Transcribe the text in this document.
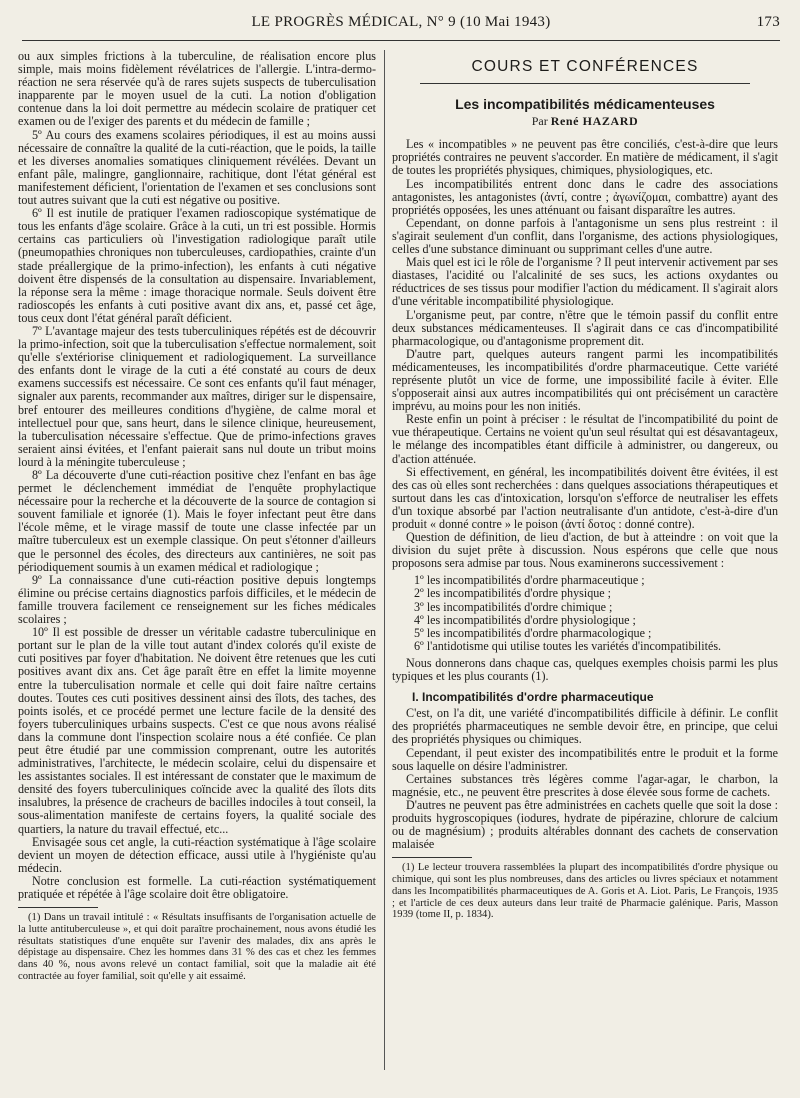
LE PROGRÈS MÉDICAL, N° 9 (10 Mai 1943)	173

ou aux simples frictions à la tuberculine, de réalisation encore plus simple, mais moins fidèlement révélatrices de l'allergie. L'intra-dermo-réaction ne sera réservée qu'à de rares sujets suspects de tuberculisation inapparente par le moyen usuel de la cuti. La notion d'obligation contenue dans la loi doit permettre au médecin scolaire de pratiquer cet examen ou de l'exiger des parents et du médecin de famille ;

5º Au cours des examens scolaires périodiques, il est au moins aussi nécessaire de connaître la qualité de la cuti-réaction, que le poids, la taille et les diverses anomalies somatiques cliniquement révélées. Devant un enfant pâle, malingre, ganglionnaire, rachitique, dont l'état général est manifestement déficient, l'orientation de l'examen et ses conclusions sont tout autres suivant que la cuti est négative ou positive.

6º Il est inutile de pratiquer l'examen radioscopique systématique de tous les enfants d'âge scolaire. Grâce à la cuti, un tri est possible. Hormis certains cas particuliers où l'investigation radiologique paraît utile (pneumopathies chroniques non tuberculeuses, cardiopathies, crainte d'un stade préallergique de la primo-infection), les enfants à cuti négative doivent être dispensés de la consultation au dispensaire. Invariablement, la réponse sera la même : image thoracique normale. Seuls doivent être radioscopés les enfants à cuti positive avant dix ans, et, passé cet âge, tous ceux dont l'état général paraît déficient.

7º L'avantage majeur des tests tuberculiniques répétés est de découvrir la primo-infection, soit que la tuberculisation s'effectue normalement, soit qu'elle s'extériorise cliniquement et radiologiquement. La surveillance des enfants dont le virage de la cuti a été constaté au cours de deux examens successifs est nécessaire. Ce sont ces enfants qu'il faut ménager, signaler aux parents, recommander aux maîtres, diriger sur le dispensaire, bref entourer des meilleures conditions d'hygiène, de calme moral et intellectuel pour que, sans heurt, dans le silence clinique, heureusement, la tuberculisation nécessaire s'effectue. Que de primo-infections graves seraient ainsi évitées, et l'enfant paierait sans nul doute un tribut moins lourd à la méningite tuberculeuse ;

8º La découverte d'une cuti-réaction positive chez l'enfant en bas âge permet le déclenchement immédiat de l'enquête prophylactique nécessaire pour la recherche et la découverte de la source de contagion si souvent familiale et ignorée (1). Mais le foyer infectant peut être dans l'école même, et le virage massif de toute une classe infectée par un maître tuberculeux est un exemple classique. On peut s'étonner d'ailleurs que le personnel des écoles, des directeurs aux cantinières, ne soit pas périodiquement soumis à un examen médical et radiologique ;

9º La connaissance d'une cuti-réaction positive depuis longtemps élimine ou précise certains diagnostics parfois difficiles, et le médecin de famille trouvera facilement ce renseignement sur les fiches médicales scolaires ;

10º Il est possible de dresser un véritable cadastre tuberculinique en portant sur le plan de la ville tout autant d'index colorés qu'il existe de cuti positives par foyer d'habitation. Ne doivent être retenues que les cuti positives avant dix ans. Cet âge paraît être en effet la limite moyenne entre la tuberculisation normale et celle qui doit faire naître certains doutes. Toutes ces cuti positives dessinent ainsi des îlots, des taches, des points isolés, et ce procédé permet une lecture facile de la densité des foyers tuberculiniques urbains suspects. C'est ce que nous avons réalisé dans la commune dont l'inspection scolaire nous a été confiée. Ce plan peut être étudié par une commission comprenant, outre les autorités administratives, l'architecte, le médecin scolaire, celui du dispensaire et les assistantes sociales. Il est intéressant de constater que le maximum de densité des foyers tuberculiniques coïncide avec la qualité des îlots dits insalubres, la présence de cracheurs de bacilles indociles à tout conseil, la sous-alimentation manifeste de certains foyers, la qualité sociale des quartiers, la nature du travail effectué, etc...

Envisagée sous cet angle, la cuti-réaction systématique à l'âge scolaire devient un moyen de détection efficace, aussi utile à l'hygiéniste qu'au médecin.

Notre conclusion est formelle. La cuti-réaction systématiquement pratiquée et répétée à l'âge scolaire doit être obligatoire.

(1) Dans un travail intitulé : « Résultats insuffisants de l'organisation actuelle de la lutte antituberculeuse », et qui doit paraître prochainement, nous avons étudié les résultats statistiques d'une enquête sur l'avenir des malades, dix ans après le dépistage au dispensaire. Chez les hommes dans 31 % des cas et chez les femmes dans 40 %, nous avons relevé un contact familial, soit que la maladie ait été contractée au foyer familial, soit qu'elle y ait essaimé.

COURS ET CONFÉRENCES
Les incompatibilités médicamenteuses
Par René HAZARD

Les « incompatibles » ne peuvent pas être conciliés, c'est-à-dire que leurs propriétés contraires ne peuvent s'accorder. En matière de médicament, il s'agit de toutes les propriétés physiques, chimiques, physiologiques, etc.

Les incompatibilités entrent donc dans le cadre des associations antagonistes, les antagonistes (ἀντί, contre ; ἀγωνίζομαι, combattre) ayant des propriétés opposées, les unes atténuant ou faisant disparaître les autres.

Cependant, on donne parfois à l'antagonisme un sens plus restreint : il s'agirait seulement d'un conflit, dans l'organisme, des actions physiologiques, celles d'une substance diminuant ou supprimant celles d'une autre.

Mais quel est ici le rôle de l'organisme ? Il peut intervenir activement par ses diastases, l'acidité ou l'alcalinité de ses sucs, les actions oxydantes ou réductrices de ses tissus pour modifier l'action du médicament. Il s'agirait alors d'une véritable incompatibilité physiologique.

L'organisme peut, par contre, n'être que le témoin passif du conflit entre deux substances médicamenteuses. Il s'agirait dans ce cas d'incompatibilité pharmacologique, ou d'antagonisme proprement dit.

D'autre part, quelques auteurs rangent parmi les incompatibilités médicamenteuses, les incompatibilités d'ordre pharmaceutique. Cette variété représente plutôt un vice de forme, une impossibilité facile à éviter. Elle s'opposerait ainsi aux autres incompatibilités qui ont précisément un caractère imprévu, au moins pour les non initiés.

Reste enfin un point à préciser : le résultat de l'incompatibilité du point de vue thérapeutique. Certains ne voient qu'un seul résultat qui est désavantageux, le mélange des incompatibles étant difficile à administrer, ou dangereux, ou d'action atténuée.

Si effectivement, en général, les incompatibilités doivent être évitées, il est des cas où elles sont recherchées : dans quelques associations thérapeutiques et surtout dans les cas d'intoxication, lorsqu'on s'efforce de neutraliser les effets d'un toxique absorbé par l'action neutralisante d'un antidote, c'est-à-dire d'un produit « donné contre » le poison (ἀντί δοτος : donné contre).

Question de définition, de lieu d'action, de but à atteindre : on voit que la division du sujet prête à discussion. Nous espérons que celle que nous proposons sera admise par tous. Nous examinerons successivement :

1º les incompatibilités d'ordre pharmaceutique ;

2º les incompatibilités d'ordre physique ;

3º les incompatibilités d'ordre chimique ;

4º les incompatibilités d'ordre physiologique ;

5º les incompatibilités d'ordre pharmacologique ;

6º l'antidotisme qui utilise toutes les variétés d'incompatibilités.

Nous donnerons dans chaque cas, quelques exemples choisis parmi les plus typiques et les plus courants (1).

I. Incompatibilités d'ordre pharmaceutique

C'est, on l'a dit, une variété d'incompatibilités difficile à définir. Le conflit des propriétés pharmaceutiques ne semble devoir être, en principe, que celui des propriétés physiques ou chimiques.

Cependant, il peut exister des incompatibilités entre le produit et la forme sous laquelle on désire l'administrer.

Certaines substances très légères comme l'agar-agar, le charbon, la magnésie, etc., ne peuvent être prescrites à dose élevée sous forme de cachets.

D'autres ne peuvent pas être administrées en cachets quelle que soit la dose : produits hygroscopiques (iodures, hydrate de pipérazine, chlorure de calcium ou de magnésium) ; produits altérables donnant des cachets de conservation malaisée

(1) Le lecteur trouvera rassemblées la plupart des incompatibilités d'ordre physique ou chimique, qui sont les plus nombreuses, dans des articles ou livres spéciaux et notamment dans les Incompatibilités pharmaceutiques de A. Goris et A. Liot. Paris, Le François, 1935 ; et l'article de ces deux auteurs dans leur traité de Pharmacie galénique. Paris, Masson 1939 (tome II, p. 1834).
